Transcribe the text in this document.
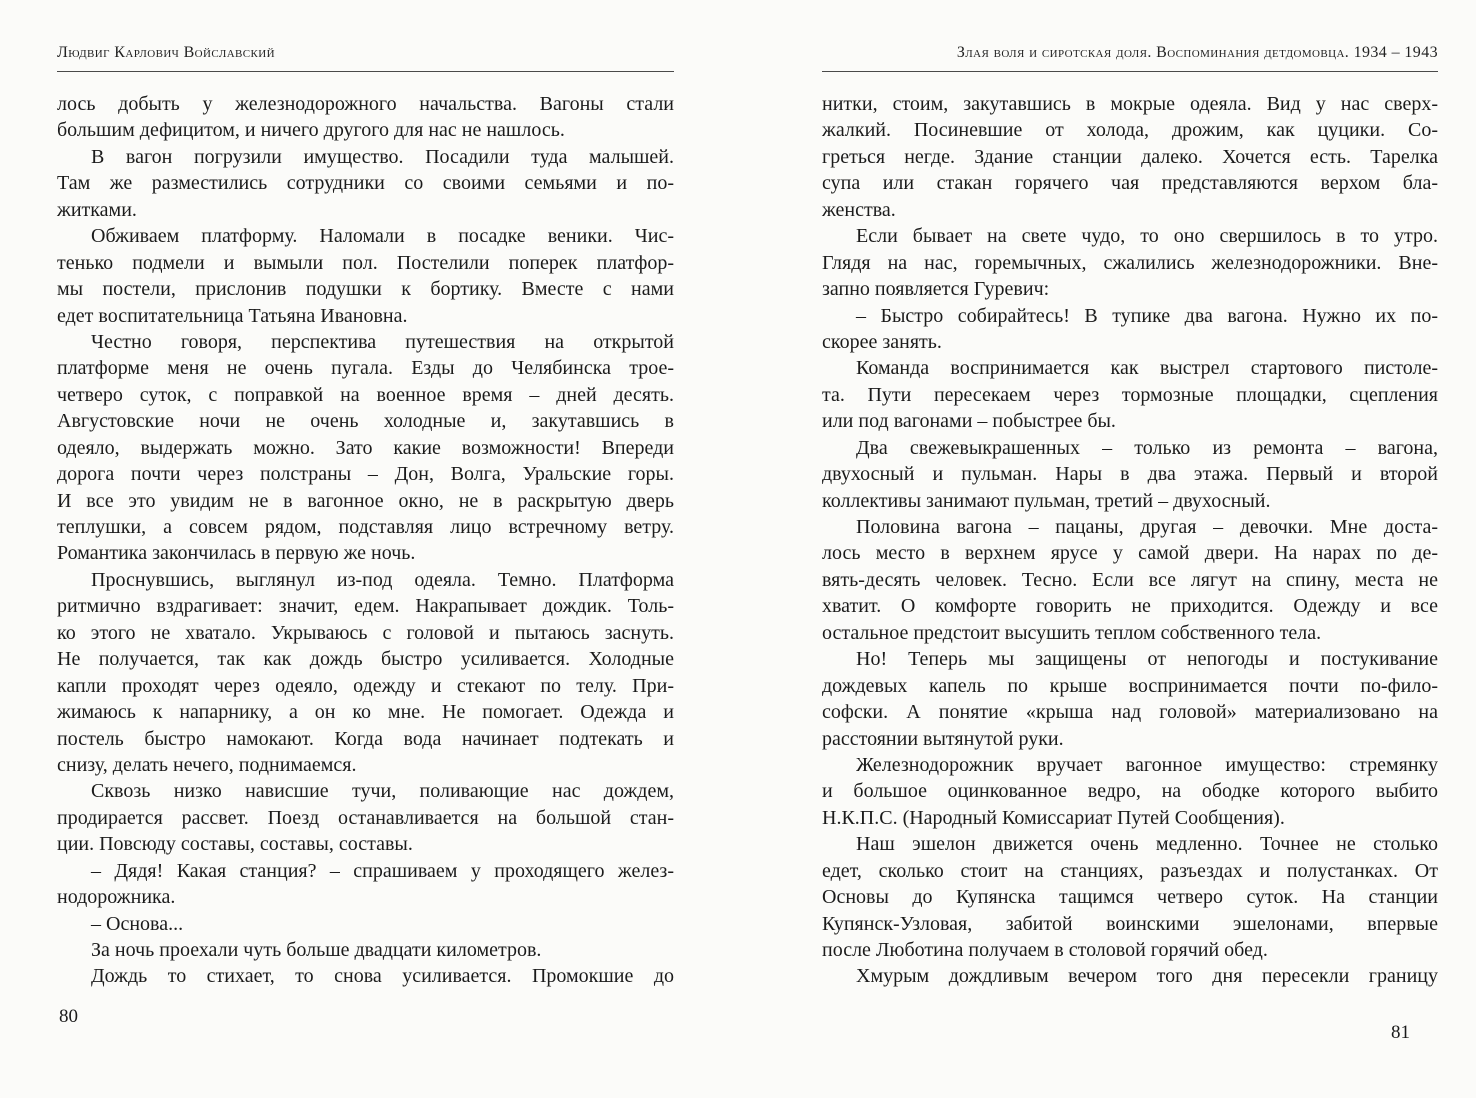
Людвиг Карлович Войславский
лось добыть у железнодорожного начальства. Вагоны стали
большим дефицитом, и ничего другого для нас не нашлось.
В вагон погрузили имущество. Посадили туда малышей.
Там же разместились сотрудники со своими семьями и по-
житками.
Обживаем платформу. Наломали в посадке веники. Чис-
тенько подмели и вымыли пол. Постелили поперек платфор-
мы постели, прислонив подушки к бортику. Вместе с нами
едет воспитательница Татьяна Ивановна.
Честно говоря, перспектива путешествия на открытой
платформе меня не очень пугала. Езды до Челябинска трое-
четверо суток, с поправкой на военное время – дней десять.
Августовские ночи не очень холодные и, закутавшись в
одеяло, выдержать можно. Зато какие возможности! Впереди
дорога почти через полстраны – Дон, Волга, Уральские горы.
И все это увидим не в вагонное окно, не в раскрытую дверь
теплушки, а совсем рядом, подставляя лицо встречному ветру.
Романтика закончилась в первую же ночь.
Проснувшись, выглянул из-под одеяла. Темно. Платформа
ритмично вздрагивает: значит, едем. Накрапывает дождик. Толь-
ко этого не хватало. Укрываюсь с головой и пытаюсь заснуть.
Не получается, так как дождь быстро усиливается. Холодные
капли проходят через одеяло, одежду и стекают по телу. При-
жимаюсь к напарнику, а он ко мне. Не помогает. Одежда и
постель быстро намокают. Когда вода начинает подтекать и
снизу, делать нечего, поднимаемся.
Сквозь низко нависшие тучи, поливающие нас дождем,
продирается рассвет. Поезд останавливается на большой стан-
ции. Повсюду составы, составы, составы.
– Дядя! Какая станция? – спрашиваем у проходящего желез-
нодорожника.
– Основа...
За ночь проехали чуть больше двадцати километров.
Дождь то стихает, то снова усиливается. Промокшие до
80
Злая воля и сиротская доля. Воспоминания детдомовца. 1934 – 1943
нитки, стоим, закутавшись в мокрые одеяла. Вид у нас сверх-
жалкий. Посиневшие от холода, дрожим, как цуцики. Со-
греться негде. Здание станции далеко. Хочется есть. Тарелка
супа или стакан горячего чая представляются верхом бла-
женства.
Если бывает на свете чудо, то оно свершилось в то утро.
Глядя на нас, горемычных, сжалились железнодорожники. Вне-
запно появляется Гуревич:
– Быстро собирайтесь! В тупике два вагона. Нужно их по-
скорее занять.
Команда воспринимается как выстрел стартового пистоле-
та. Пути пересекаем через тормозные площадки, сцепления
или под вагонами – побыстрее бы.
Два свежевыкрашенных – только из ремонта – вагона,
двухосный и пульман. Нары в два этажа. Первый и второй
коллективы занимают пульман, третий – двухосный.
Половина вагона – пацаны, другая – девочки. Мне доста-
лось место в верхнем ярусе у самой двери. На нарах по де-
вять-десять человек. Тесно. Если все лягут на спину, места не
хватит. О комфорте говорить не приходится. Одежду и все
остальное предстоит высушить теплом собственного тела.
Но! Теперь мы защищены от непогоды и постукивание
дождевых капель по крыше воспринимается почти по-фило-
софски. А понятие «крыша над головой» материализовано на
расстоянии вытянутой руки.
Железнодорожник вручает вагонное имущество: стремянку
и большое оцинкованное ведро, на ободке которого выбито
Н.К.П.С. (Народный Комиссариат Путей Сообщения).
Наш эшелон движется очень медленно. Точнее не столько
едет, сколько стоит на станциях, разъездах и полустанках. От
Основы до Купянска тащимся четверо суток. На станции
Купянск-Узловая, забитой воинскими эшелонами, впервые
после Люботина получаем в столовой горячий обед.
Хмурым дождливым вечером того дня пересекли границу
81
